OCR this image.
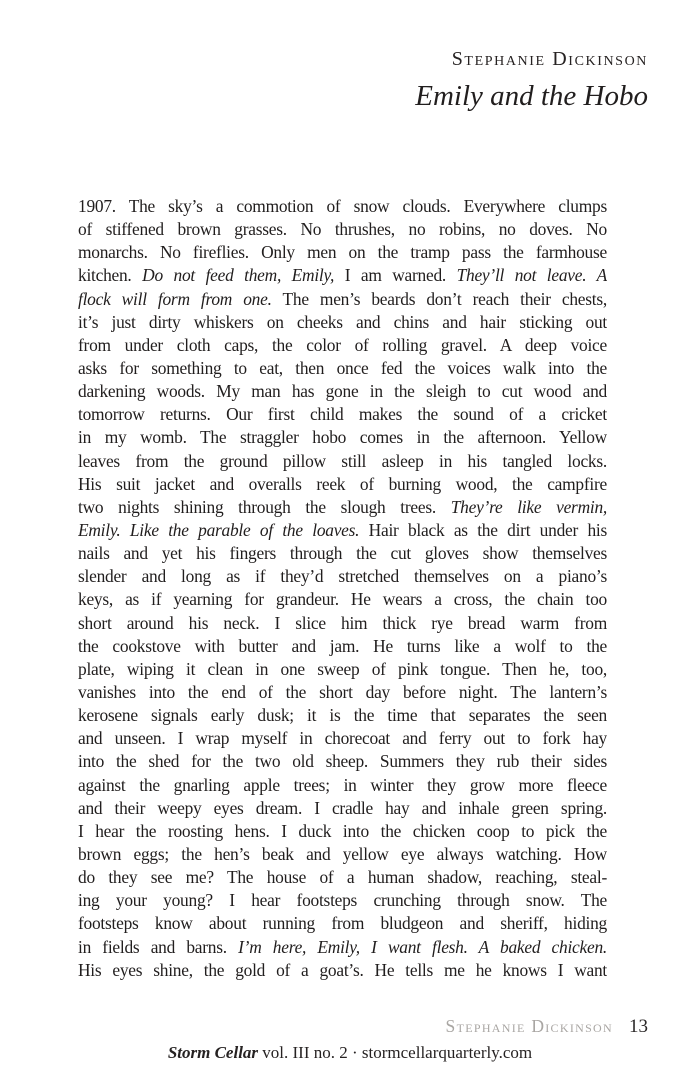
Stephanie Dickinson
Emily and the Hobo
1907. The sky’s a commotion of snow clouds. Everywhere clumps
of stiffened brown grasses. No thrushes, no robins, no doves. No
monarchs. No fireflies. Only men on the tramp pass the farmhouse
kitchen. Do not feed them, Emily, I am warned. They’ll not leave. A
flock will form from one. The men’s beards don’t reach their chests,
it’s just dirty whiskers on cheeks and chins and hair sticking out
from under cloth caps, the color of rolling gravel. A deep voice
asks for something to eat, then once fed the voices walk into the
darkening woods. My man has gone in the sleigh to cut wood and
tomorrow returns. Our first child makes the sound of a cricket
in my womb. The straggler hobo comes in the afternoon. Yellow
leaves from the ground pillow still asleep in his tangled locks.
His suit jacket and overalls reek of burning wood, the campfire
two nights shining through the slough trees. They’re like vermin,
Emily. Like the parable of the loaves. Hair black as the dirt under his
nails and yet his fingers through the cut gloves show themselves
slender and long as if they’d stretched themselves on a piano’s
keys, as if yearning for grandeur. He wears a cross, the chain too
short around his neck. I slice him thick rye bread warm from
the cookstove with butter and jam. He turns like a wolf to the
plate, wiping it clean in one sweep of pink tongue. Then he, too,
vanishes into the end of the short day before night. The lantern’s
kerosene signals early dusk; it is the time that separates the seen
and unseen. I wrap myself in chorecoat and ferry out to fork hay
into the shed for the two old sheep. Summers they rub their sides
against the gnarling apple trees; in winter they grow more fleece
and their weepy eyes dream. I cradle hay and inhale green spring.
I hear the roosting hens. I duck into the chicken coop to pick the
brown eggs; the hen’s beak and yellow eye always watching. How
do they see me? The house of a human shadow, reaching, steal-
ing your young? I hear footsteps crunching through snow. The
footsteps know about running from bludgeon and sheriff, hiding
in fields and barns. I’m here, Emily, I want flesh. A baked chicken.
His eyes shine, the gold of a goat’s. He tells me he knows I want
Stephanie Dickinson 13
Storm Cellar vol. III no. 2 · stormcellarquarterly.com
